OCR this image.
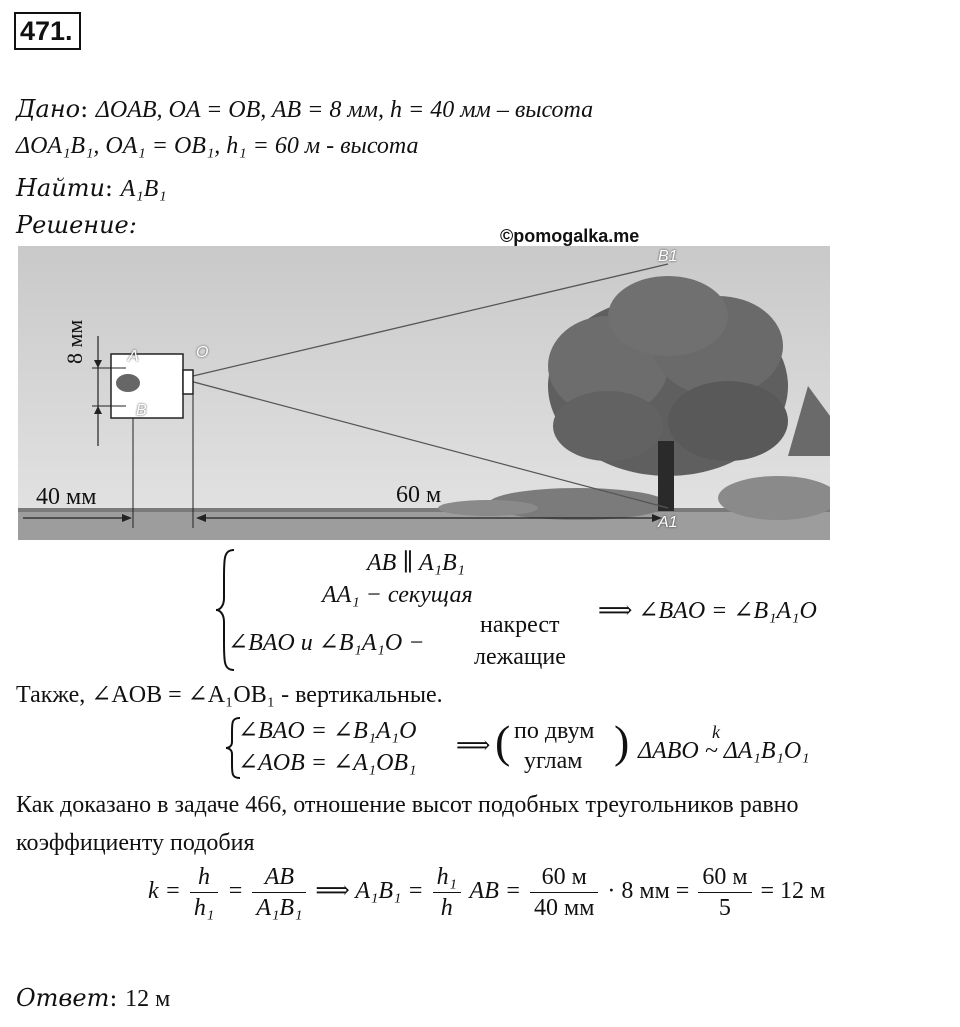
471.
Дано: ΔOAB, OA = OB, AB = 8 мм, h = 40 мм – высота
ΔOA₁B₁, OA₁ = OB₁, h₁ = 60 м - высота
Найти: A₁B₁
Решение:	©pomogalka.me
B1
A1
A
B
O
8 мм
40 мм	60 м
AB ∥ A₁B₁
AA₁ − секущая
∠BAO и ∠B₁A₁O −
накрест
лежащие
⟹ ∠BAO = ∠B₁A₁O
Также, ∠AOB = ∠A₁OB₁ - вертикальные.
∠BAO = ∠B₁A₁O
∠AOB = ∠A₁OB₁
⟹ ( по двум
углам )	k
ΔABO ~ ΔA₁B₁O₁
Как доказано в задаче 466, отношение высот подобных треугольников равно
коэффициенту подобия
$k = \frac{h}{\text{h₁}} = \frac{AB}{\text{A₁B₁}}$ ⟹ $A_1B_1 = \frac{\text{h₁}}{h}$ AB = $\frac{60 м}{40 мм} \cdot 8$ мм = $\frac{60 м}{5} = 12$ м
Ответ: 12 м
